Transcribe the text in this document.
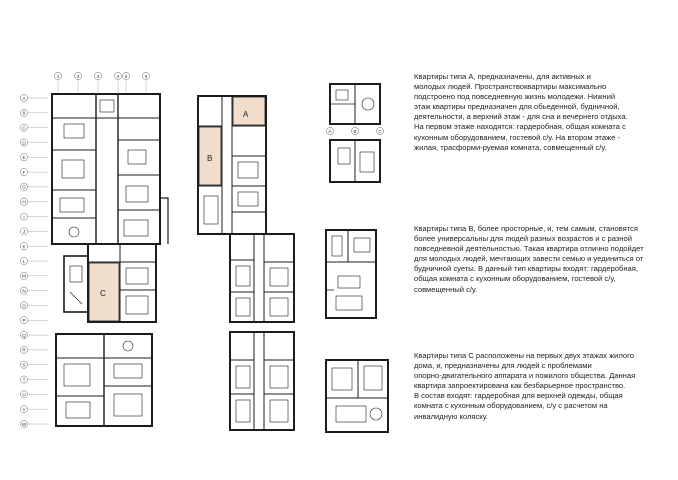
1	2	3	4 5	6
A
B
C
D
E
F
G
H
I
J
K
L
M
N
O
P
Q
R
S
T
U
V
W
C
A
B
A	B	C

Квартиры типа А, предназначены, для активных и
молодых людей. Пространствоквартиры максимально
подстроено под повседневную жизнь молодежи. Нижний
этаж квартиры предназначен для обьеденной, будничной,
деятельности, а верхний этаж - для сна и вечернего отдыха.
На первом этаже находятся: гардеробная, общая комната с
кухонным оборудованием, гостевой с/у. На втором этаже -
жилая, трасформи-руемая комната, совмещенный с/у.

Квартиры типа B, более просторные, и, тем самым, становятся
более универсальны для людей разных возрастов и с разной
повседневной деятельностью. Такая квартира отлично подойдет
для молодых людей, мечтающих завести семью и уединиться от
будничной суеты. В данный тип квартиры входят: гардеробная,
общая комната с кухонным оборудованием, гостевой с/у,
совмещенный с/у.

Квартиры типа С расположены на первых двух этажах жилого
дома, и, предназначены для людей с проблемами
опорно-двигательного аппарата и пожилого общества. Данная
квартира запроектирована как безбарьерное пространство.
В состав входят: гардеробная для верхней одежды, общая
комната с кухонным оборудованием, с/у с расчетом на
инвалидную коляску.
